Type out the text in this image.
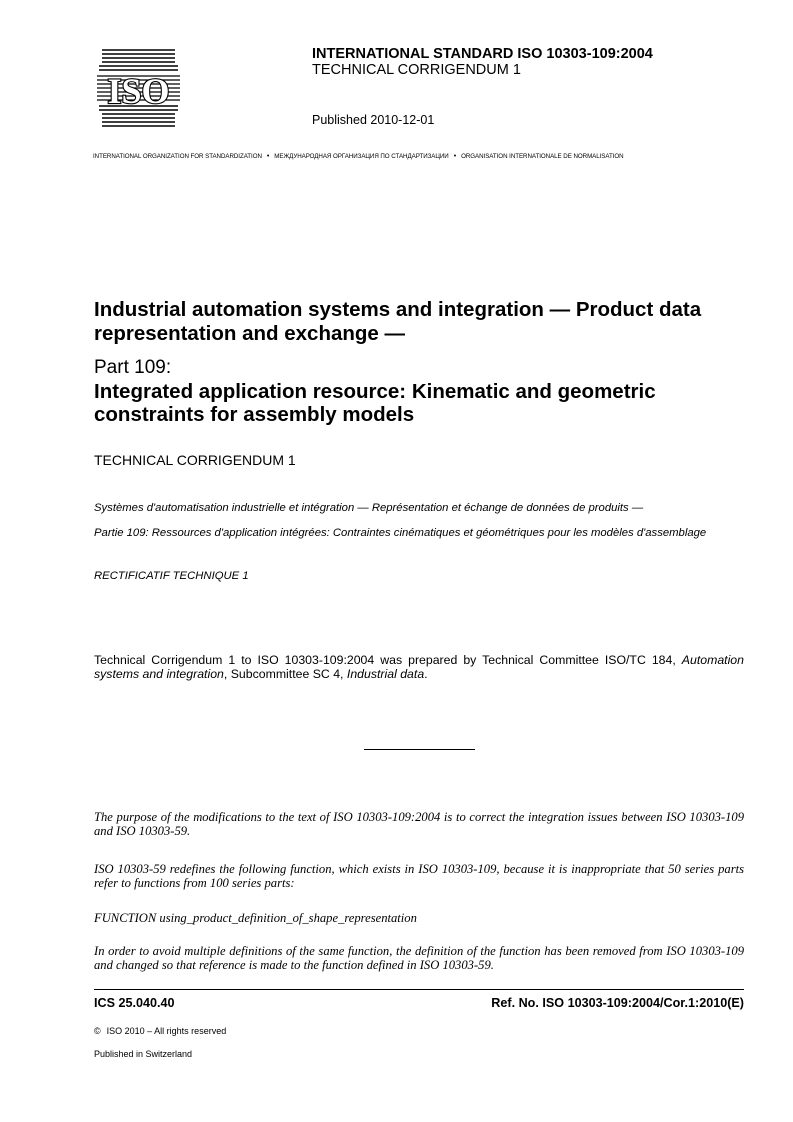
ISO
INTERNATIONAL STANDARD ISO 10303-109:2004
TECHNICAL CORRIGENDUM 1
Published 2010-12-01
INTERNATIONAL ORGANIZATION FOR STANDARDIZATION • МЕЖДУНАРОДНАЯ ОРГАНИЗАЦИЯ ПО СТАНДАРТИЗАЦИИ • ORGANISATION INTERNATIONALE DE NORMALISATION
Industrial automation systems and integration — Product data representation and exchange —
Part 109:
Integrated application resource: Kinematic and geometric constraints for assembly models
TECHNICAL CORRIGENDUM 1
Systèmes d'automatisation industrielle et intégration — Représentation et échange de données de produits —
Partie 109: Ressources d'application intégrées: Contraintes cinématiques et géométriques pour les modèles d'assemblage
RECTIFICATIF TECHNIQUE 1
Technical Corrigendum 1 to ISO 10303-109:2004 was prepared by Technical Committee ISO/TC 184, Automation systems and integration, Subcommittee SC 4, Industrial data.
The purpose of the modifications to the text of ISO 10303-109:2004 is to correct the integration issues between ISO 10303-109 and ISO 10303-59.
ISO 10303-59 redefines the following function, which exists in ISO 10303-109, because it is inappropriate that 50 series parts refer to functions from 100 series parts:
FUNCTION using_product_definition_of_shape_representation
In order to avoid multiple definitions of the same function, the definition of the function has been removed from ISO 10303-109 and changed so that reference is made to the function defined in ISO 10303-59.
ICS 25.040.40	Ref. No. ISO 10303-109:2004/Cor.1:2010(E)
© ISO 2010 – All rights reserved
Published in Switzerland
